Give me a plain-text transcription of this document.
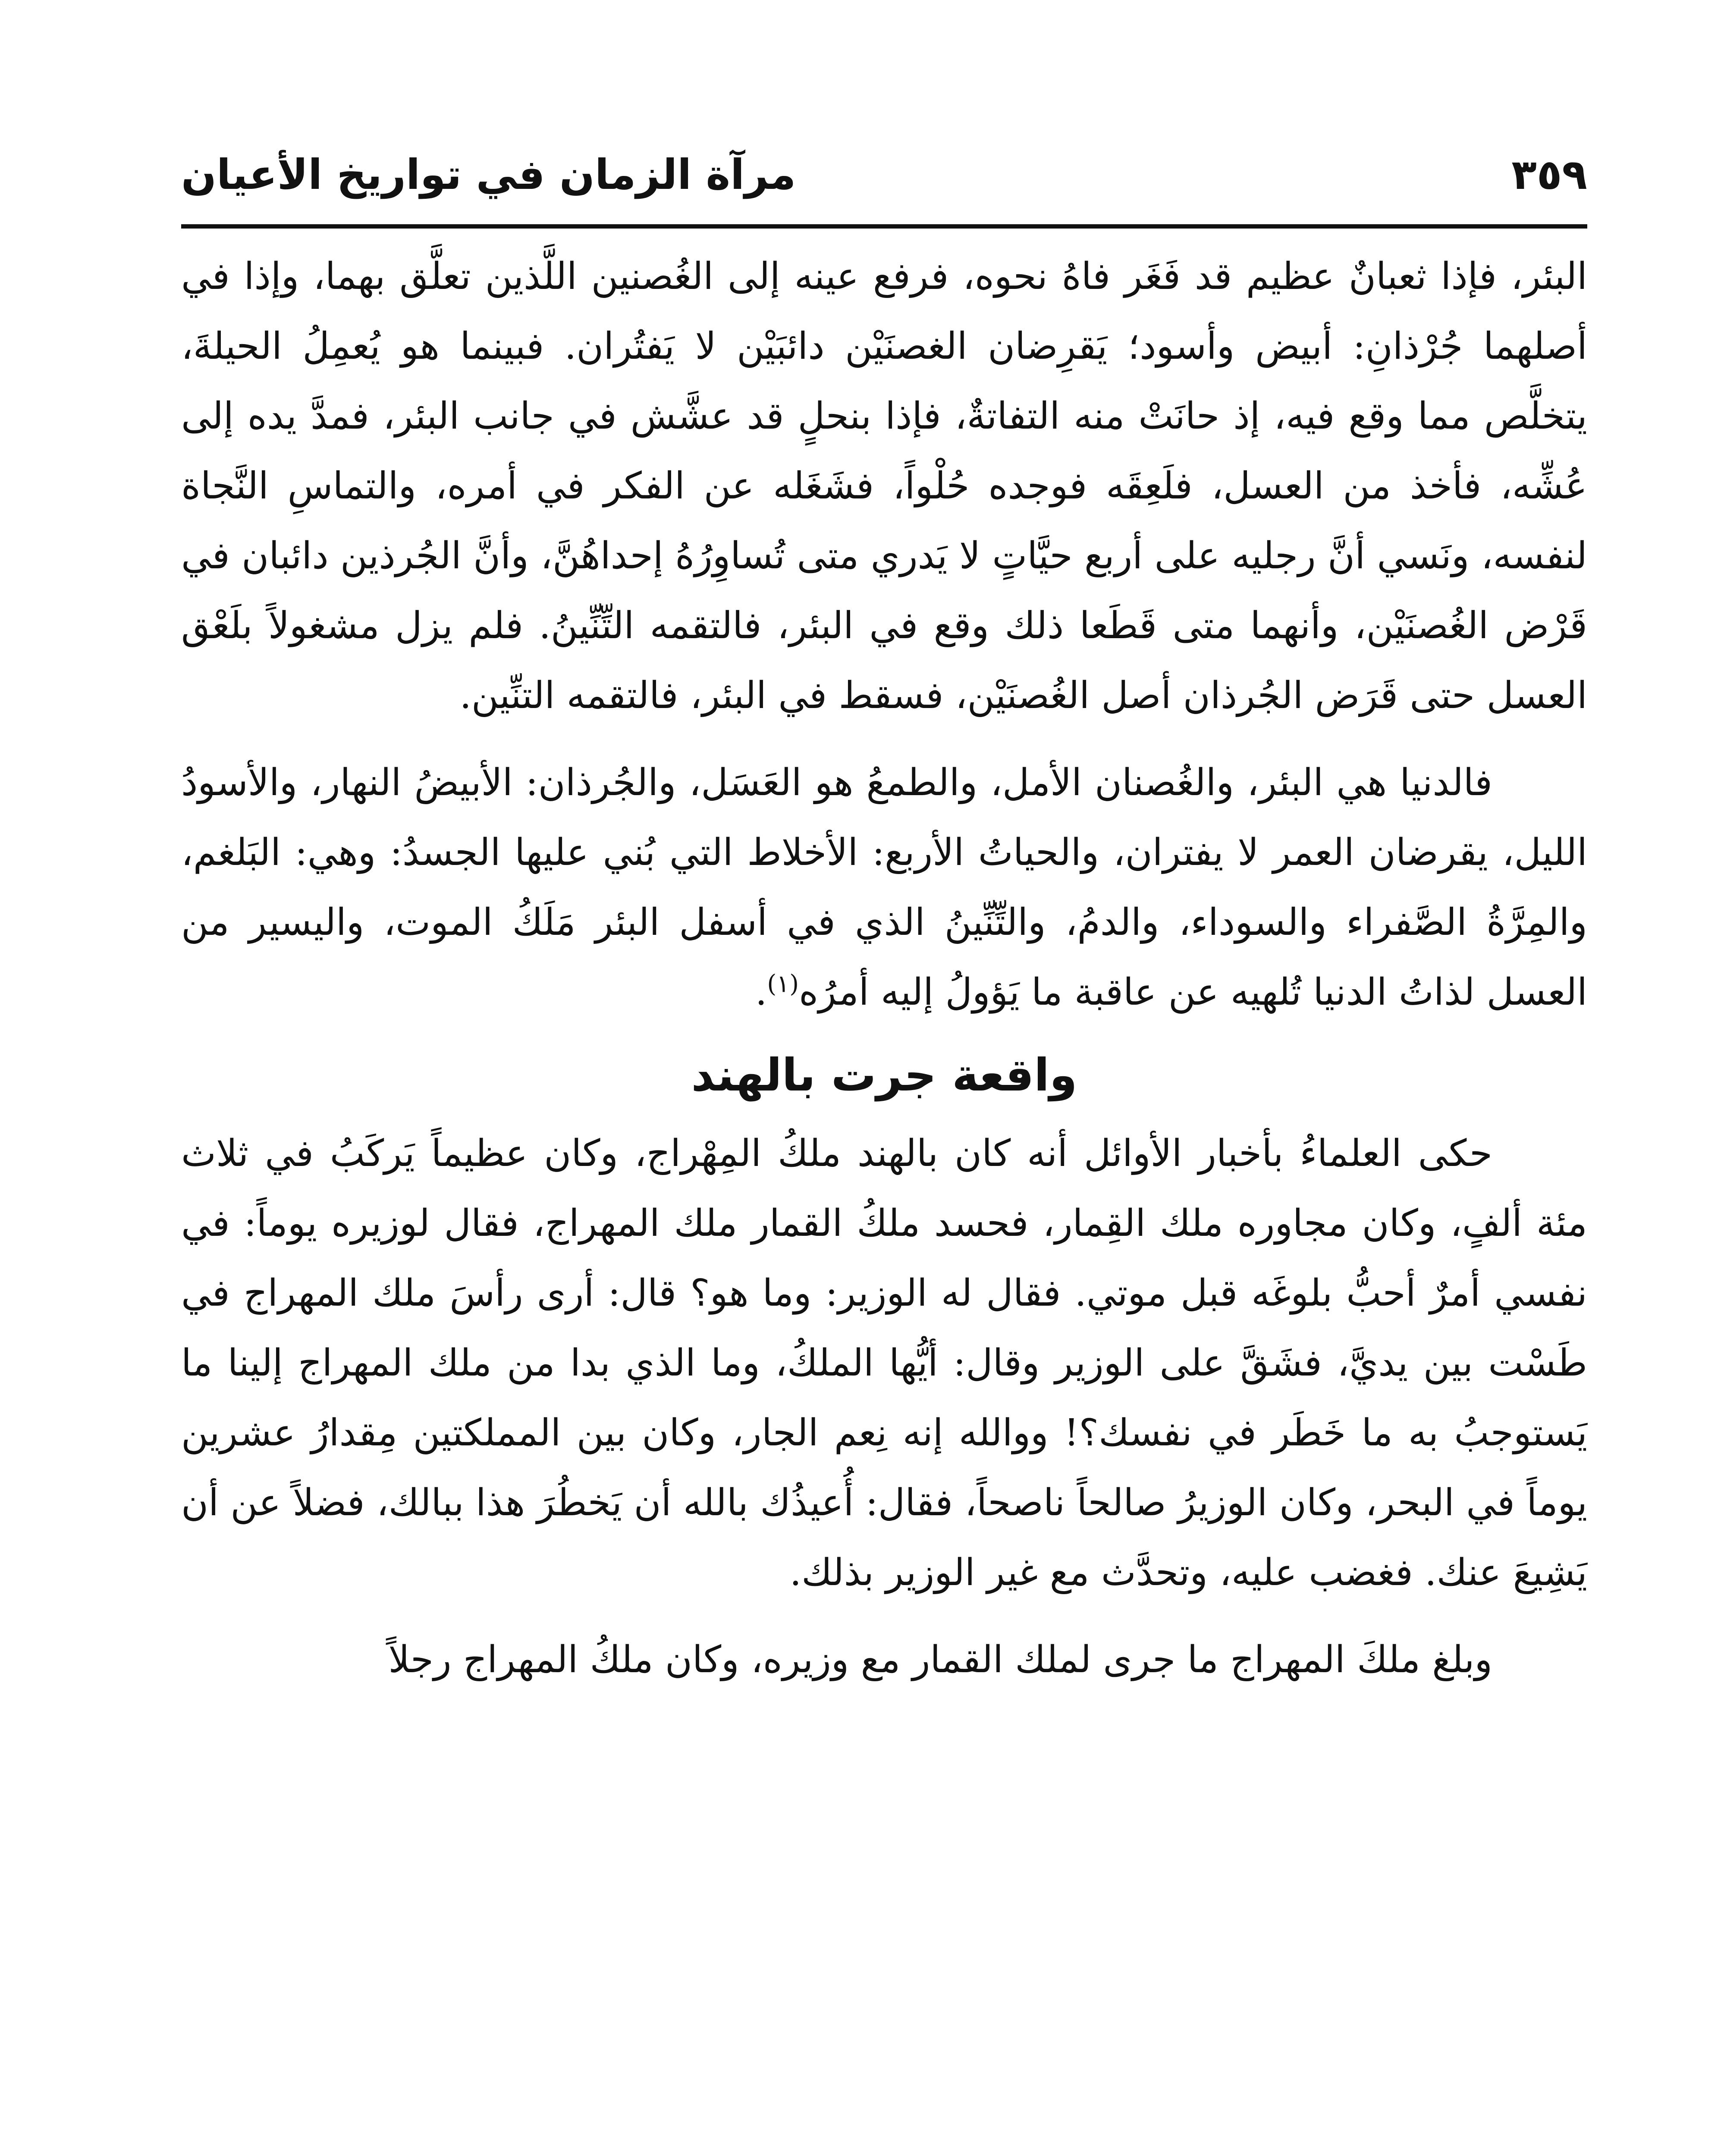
٣٥٩
مرآة الزمان في تواريخ الأعيان

البئر، فإذا ثعبانٌ عظيم قد فَغَر فاهُ نحوه، فرفع عينه إلى الغُصنين اللَّذين تعلَّق بهما، وإذا في أصلهما جُرْذانِ: أبيض وأسود؛ يَقرِضان الغصنَيْن دائبَيْن لا يَفتُران. فبينما هو يُعمِلُ الحيلةَ، يتخلَّص مما وقع فيه، إذ حانَتْ منه التفاتةٌ، فإذا بنحلٍ قد عشَّش في جانب البئر، فمدَّ يده إلى عُشِّه، فأخذ من العسل، فلَعِقَه فوجده حُلْواً، فشَغَله عن الفكر في أمره، والتماسِ النَّجاة لنفسه، ونَسي أنَّ رجليه على أربع حيَّاتٍ لا يَدري متى تُساوِرُهُ إحداهُنَّ، وأنَّ الجُرذين دائبان في قَرْض الغُصنَيْن، وأنهما متى قَطَعا ذلك وقع في البئر، فالتقمه التِّنِّينُ. فلم يزل مشغولاً بلَعْق العسل حتى قَرَض الجُرذان أصل الغُصنَيْن، فسقط في البئر، فالتقمه التنِّين.

فالدنيا هي البئر، والغُصنان الأمل، والطمعُ هو العَسَل، والجُرذان: الأبيضُ النهار، والأسودُ الليل، يقرضان العمر لا يفتران، والحياتُ الأربع: الأخلاط التي بُني عليها الجسدُ: وهي: البَلغم، والمِرَّةُ الصَّفراء والسوداء، والدمُ، والتِّنِّينُ الذي في أسفل البئر مَلَكُ الموت، واليسير من العسل لذاتُ الدنيا تُلهيه عن عاقبة ما يَؤولُ إليه أمرُه$^{(١)}$.

واقعة جرت بالهند

حكى العلماءُ بأخبار الأوائل أنه كان بالهند ملكُ المِهْراج، وكان عظيماً يَركَبُ في ثلاث مئة ألفٍ، وكان مجاوره ملك القِمار، فحسد ملكُ القمار ملك المهراج، فقال لوزيره يوماً: في نفسي أمرٌ أحبُّ بلوغَه قبل موتي. فقال له الوزير: وما هو؟ قال: أرى رأسَ ملك المهراج في طَسْت بين يديَّ، فشَقَّ على الوزير وقال: أيُّها الملكُ، وما الذي بدا من ملك المهراج إلينا ما يَستوجبُ به ما خَطَر في نفسك؟! ووالله إنه نِعم الجار، وكان بين المملكتين مِقدارُ عشرين يوماً في البحر، وكان الوزيرُ صالحاً ناصحاً، فقال: أُعيذُك بالله أن يَخطُرَ هذا ببالك، فضلاً عن أن يَشِيعَ عنك. فغضب عليه، وتحدَّث مع غير الوزير بذلك.

وبلغ ملكَ المهراج ما جرى لملك القمار مع وزيره، وكان ملكُ المهراج رجلاً
